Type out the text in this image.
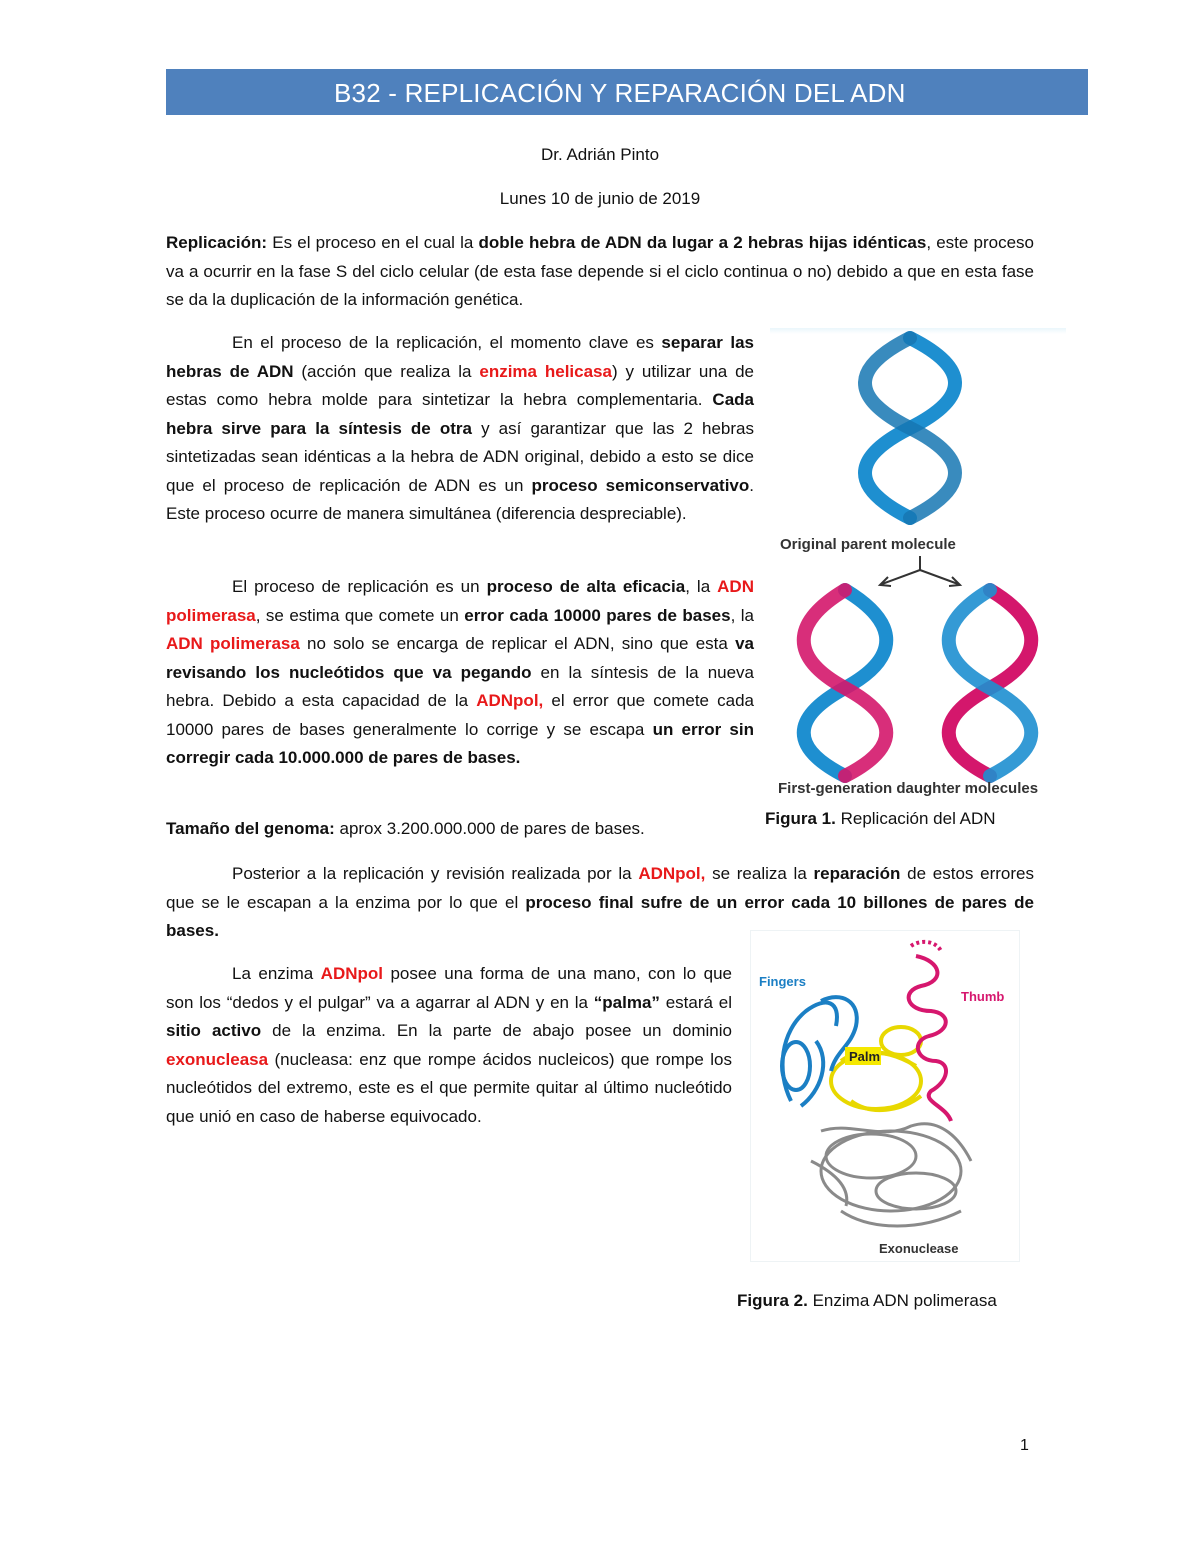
B32 - REPLICACIÓN Y REPARACIÓN DEL ADN
Dr. Adrián Pinto
Lunes 10 de junio de 2019

Replicación: Es el proceso en el cual la doble hebra de ADN da lugar a 2 hebras hijas idénticas, este proceso va a ocurrir en la fase S del ciclo celular (de esta fase depende si el ciclo continua o no) debido a que en esta fase se da la duplicación de la información genética.

En el proceso de la replicación, el momento clave es separar las hebras de ADN (acción que realiza la enzima helicasa) y utilizar una de estas como hebra molde para sintetizar la hebra complementaria. Cada hebra sirve para la síntesis de otra y así garantizar que las 2 hebras sintetizadas sean idénticas a la hebra de ADN original, debido a esto se dice que el proceso de replicación de ADN es un proceso semiconservativo. Este proceso ocurre de manera simultánea (diferencia despreciable).

El proceso de replicación es un proceso de alta eficacia, la ADN polimerasa, se estima que comete un error cada 10000 pares de bases, la ADN polimerasa no solo se encarga de replicar el ADN, sino que esta va revisando los nucleótidos que va pegando en la síntesis de la nueva hebra. Debido a esta capacidad de la ADNpol, el error que comete cada 10000 pares de bases generalmente lo corrige y se escapa un error sin corregir cada 10.000.000 de pares de bases.

Tamaño del genoma: aprox 3.200.000.000 de pares de bases.

Original parent molecule
First-generation daughter molecules
Figura 1. Replicación del ADN

Posterior a la replicación y revisión realizada por la ADNpol, se realiza la reparación de estos errores que se le escapan a la enzima por lo que el proceso final sufre de un error cada 10 billones de pares de bases.

La enzima ADNpol posee una forma de una mano, con lo que son los “dedos y el pulgar” va a agarrar al ADN y en la “palma” estará el sitio activo de la enzima. En la parte de abajo posee un dominio exonucleasa (nucleasa: enz que rompe ácidos nucleicos) que rompe los nucleótidos del extremo, este es el que permite quitar al último nucleótido que unió en caso de haberse equivocado.

Fingers
Thumb
Palm
Exonuclease
Figura 2. Enzima ADN polimerasa
1
